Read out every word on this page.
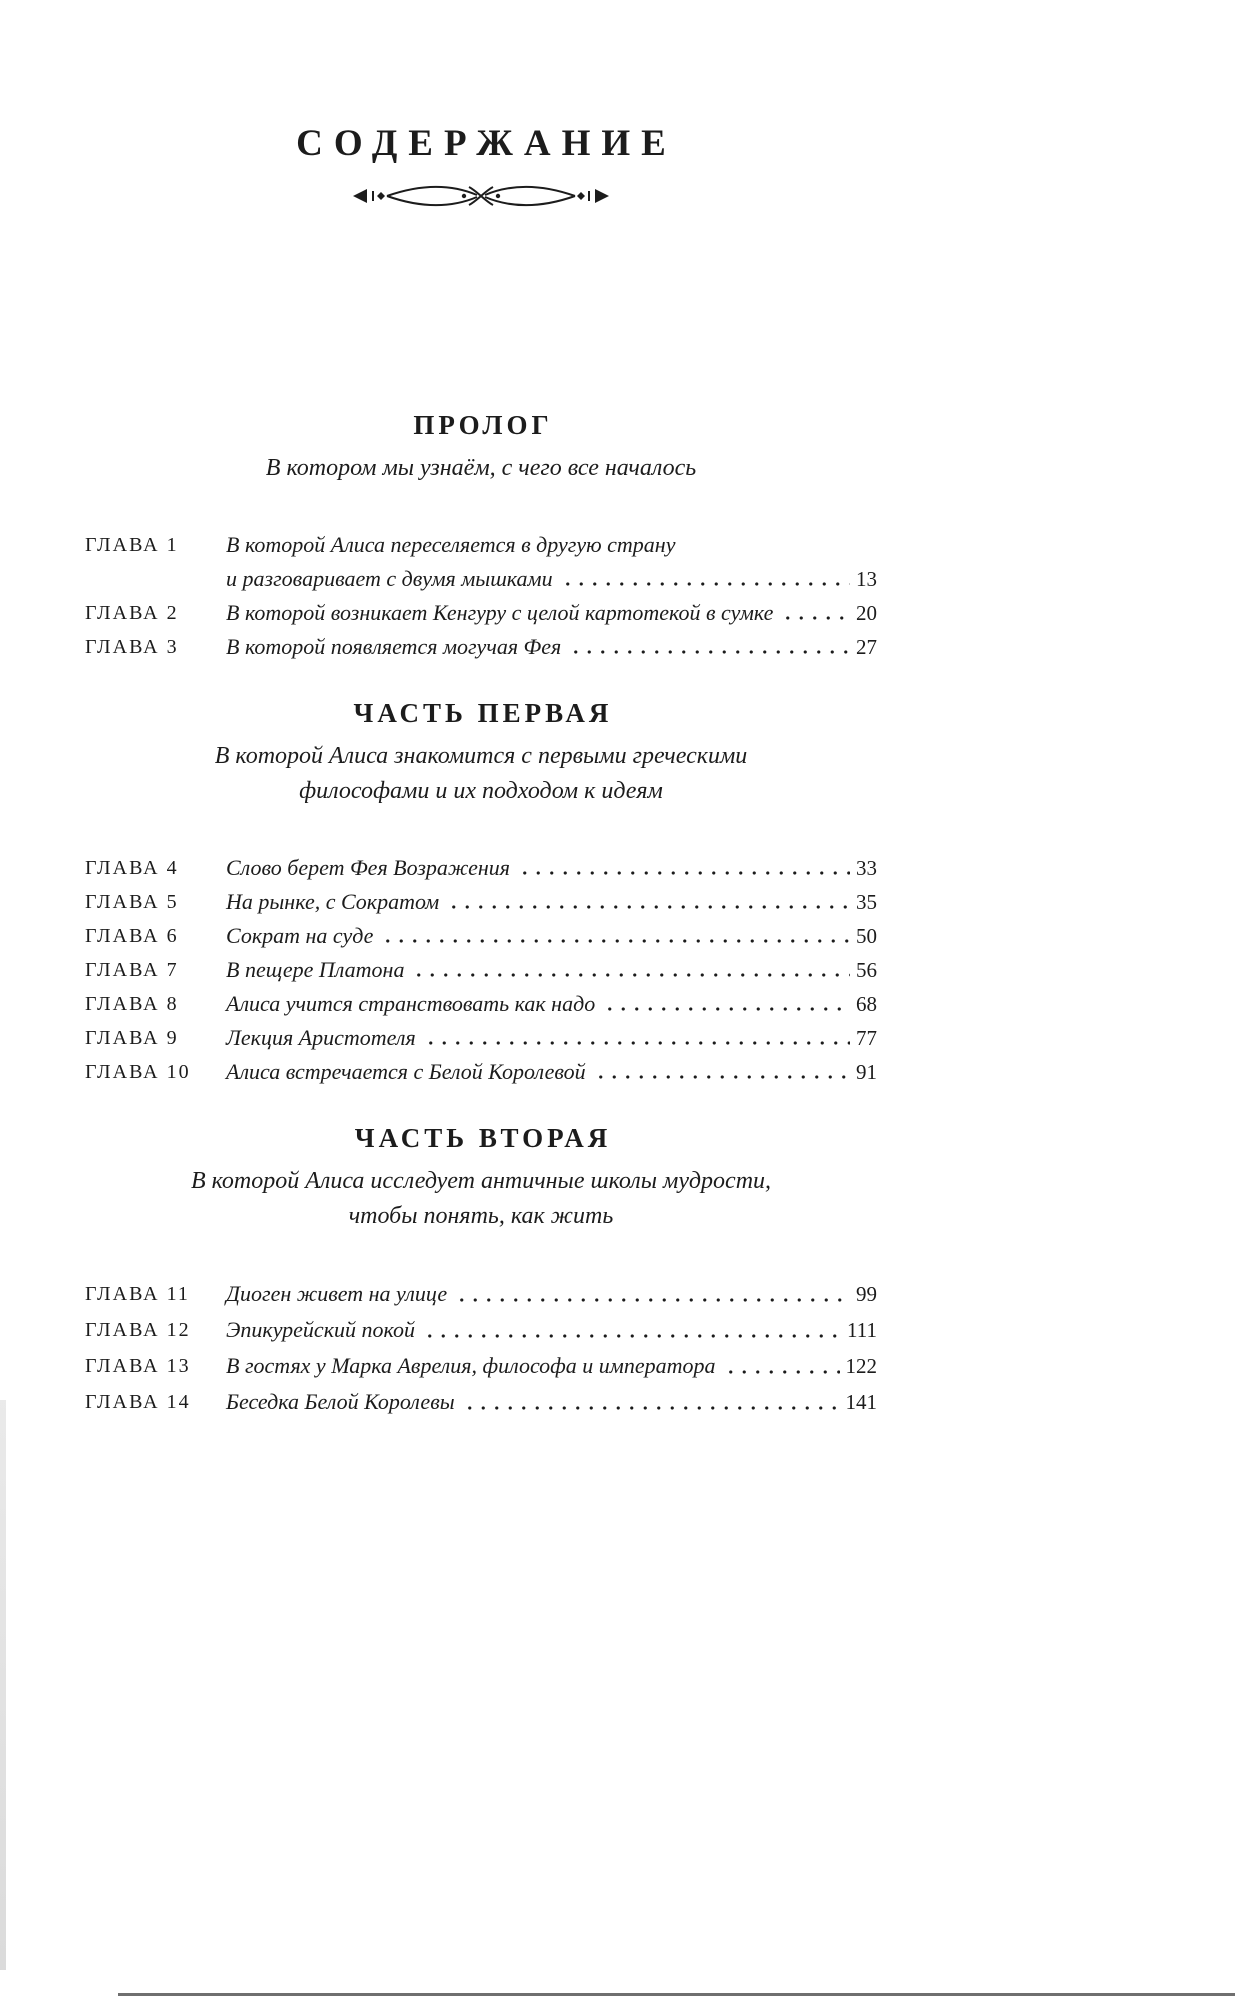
СОДЕРЖАНИЕ
ПРОЛОГ
В котором мы узнаём, с чего все началось
ГЛАВА 1	В которой Алиса переселяется в другую страну
и разговаривает с двумя мышками	13
ГЛАВА 2	В которой возникает Кенгуру с целой картотекой в сумке	20
ГЛАВА 3	В которой появляется могучая Фея	27
ЧАСТЬ ПЕРВАЯ
В которой Алиса знакомится с первыми греческими
философами и их подходом к идеям
ГЛАВА 4	Слово берет Фея Возражения	33
ГЛАВА 5	На рынке, с Сократом	35
ГЛАВА 6	Сократ на суде	50
ГЛАВА 7	В пещере Платона	56
ГЛАВА 8	Алиса учится странствовать как надо	68
ГЛАВА 9	Лекция Аристотеля	77
ГЛАВА 10	Алиса встречается с Белой Королевой	91
ЧАСТЬ ВТОРАЯ
В которой Алиса исследует античные школы мудрости,
чтобы понять, как жить
ГЛАВА 11	Диоген живет на улице	99
ГЛАВА 12	Эпикурейский покой	111
ГЛАВА 13	В гостях у Марка Аврелия, философа и императора	122
ГЛАВА 14	Беседка Белой Королевы	141
